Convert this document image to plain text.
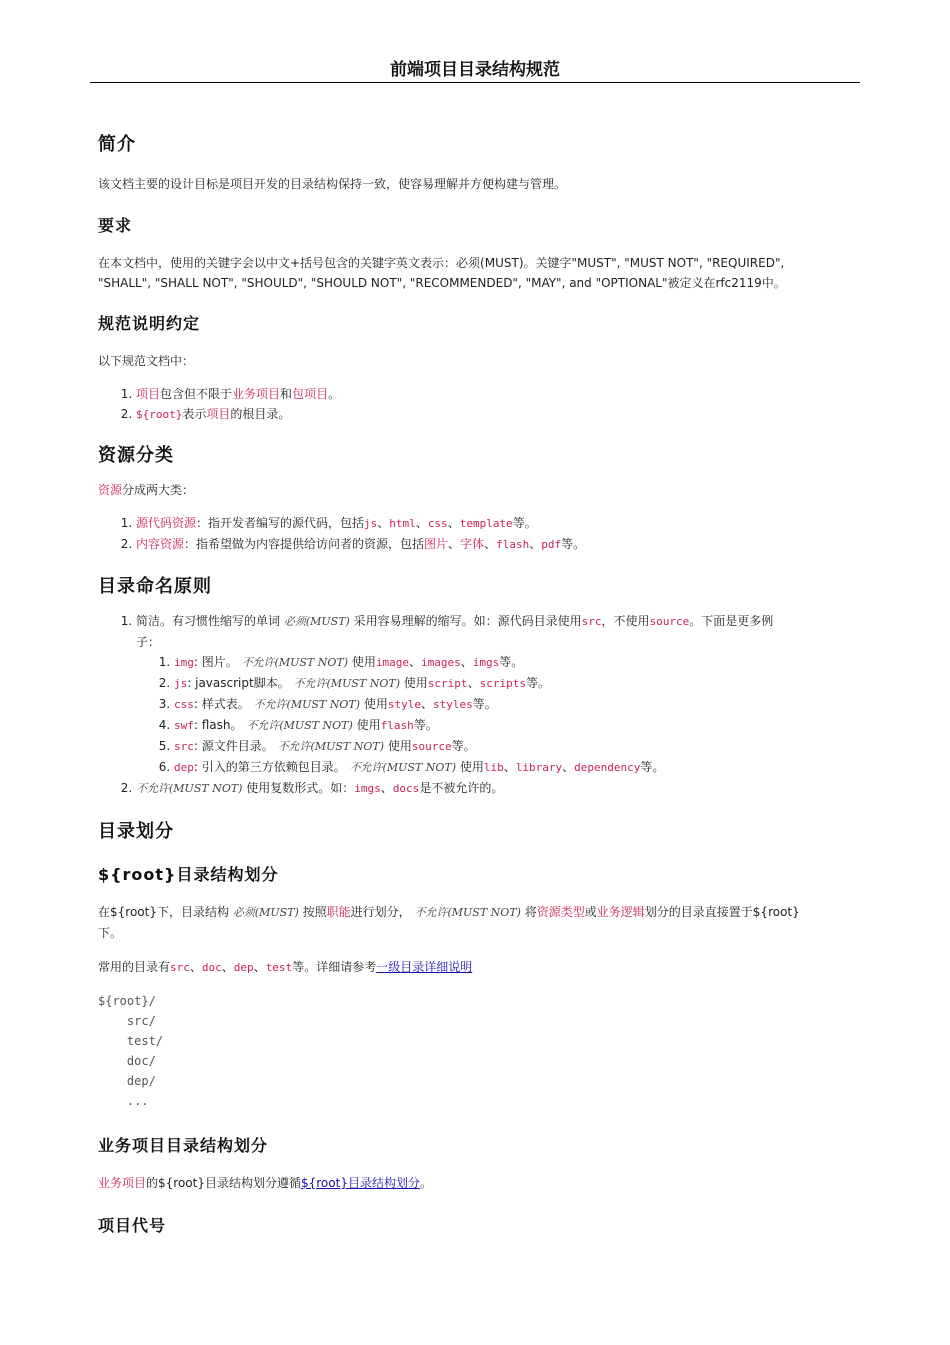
前端项目目录结构规范
简介

该文档主要的设计目标是项目开发的目录结构保持一致，使容易理解并方便构建与管理。

要求

在本文档中，使用的关键字会以中文+括号包含的关键字英文表示：必须(MUST)。关键字"MUST", "MUST NOT", "REQUIRED",

"SHALL", "SHALL NOT", "SHOULD", "SHOULD NOT", "RECOMMENDED", "MAY", and "OPTIONAL"被定义在rfc2119中。

规范说明约定

以下规范文档中：

1. 项目包含但不限于业务项目和包项目。
2. ${root}表示项目的根目录。
资源分类

资源分成两大类：

1. 源代码资源：指开发者编写的源代码，包括js、html、css、template等。
2. 内容资源：指希望做为内容提供给访问者的资源，包括图片、字体、flash、pdf等。
目录命名原则
1. 简洁。有习惯性缩写的单词 必须(MUST) 采用容易理解的缩写。如：源代码目录使用src，不使用source。下面是更多例
子：
1. img: 图片。 不允许(MUST NOT) 使用image、images、imgs等。
2. js: javascript脚本。 不允许(MUST NOT) 使用script、scripts等。
3. css: 样式表。 不允许(MUST NOT) 使用style、styles等。
4. swf: flash。 不允许(MUST NOT) 使用flash等。
5. src: 源文件目录。 不允许(MUST NOT) 使用source等。
6. dep: 引入的第三方依赖包目录。 不允许(MUST NOT) 使用lib、library、dependency等。
2. 不允许(MUST NOT) 使用复数形式。如：imgs、docs是不被允许的。
目录划分
${root}目录结构划分

在${root}下，目录结构 必须(MUST) 按照职能进行划分， 不允许(MUST NOT) 将资源类型或业务逻辑划分的目录直接置于${root}
下。

常用的目录有src、doc、dep、test等。详细请参考一级目录详细说明

${root}/
src/
test/
doc/
dep/
...
业务项目目录结构划分

业务项目的${root}目录结构划分遵循${root}目录结构划分。

项目代号
